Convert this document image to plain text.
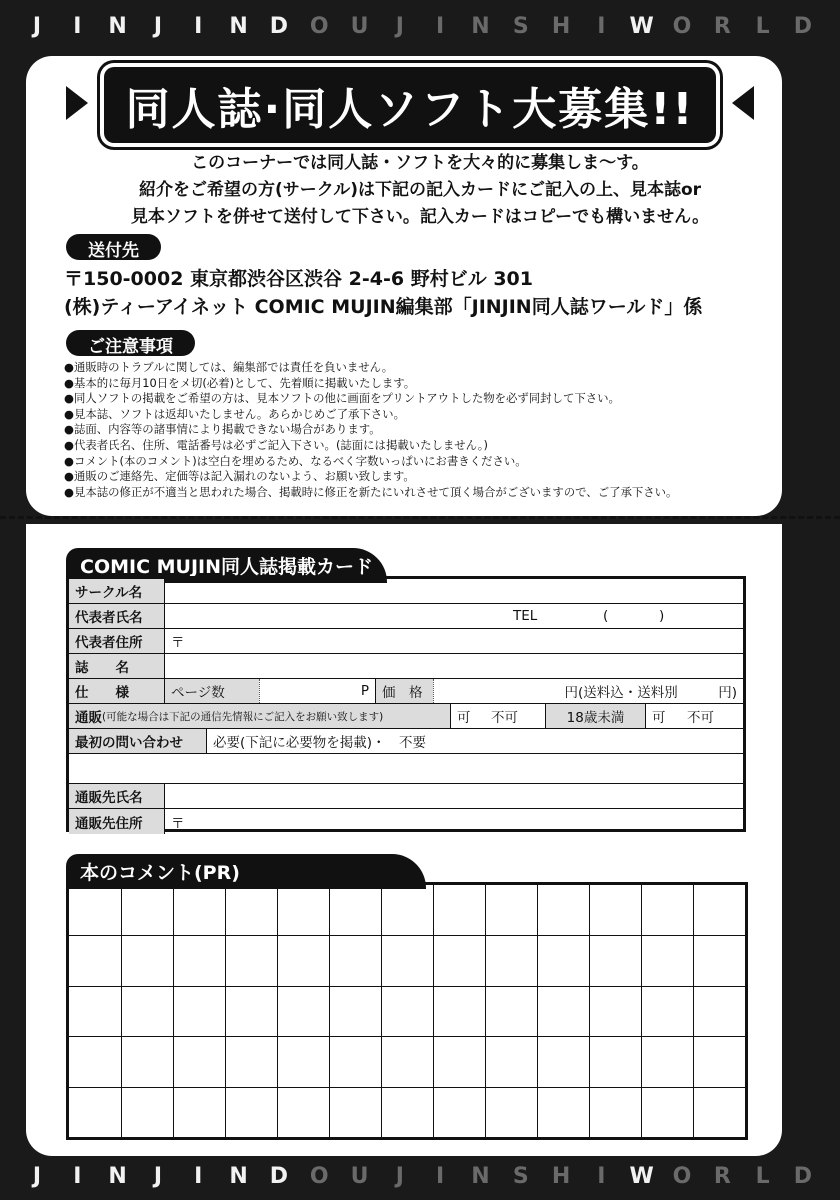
J	I	N	J	I	N D O U	J	I	N S H	I	W O R L D
同人誌·同人ソフト大募集!!
このコーナーでは同人誌・ソフトを大々的に募集しま〜す。
紹介をご希望の方(サークル)は下記の記入カードにご記入の上、見本誌or
見本ソフトを併せて送付して下さい。記入カードはコピーでも構いません。
送付先
〒150-0002 東京都渋谷区渋谷 2-4-6 野村ビル 301
(株)ティーアイネット COMIC MUJIN編集部「JINJIN同人誌ワールド」係
ご注意事項
● 通販時のトラブルに関しては、編集部では責任を負いません。
● 基本的に毎月10日をメ切(必着)として、先着順に掲載いたします。
● 同人ソフトの掲載をご希望の方は、見本ソフトの他に画面をプリントアウトした物を必ず同封して下さい。
● 見本誌、ソフトは返却いたしません。あらかじめご了承下さい。
● 誌面、内容等の諸事情により掲載できない場合があります。
● 代表者氏名、住所、電話番号は必ずご記入下さい。(誌面には掲載いたしません。)
● コメント(本のコメント)は空白を埋めるため、なるべく字数いっぱいにお書きください。
● 通販のご連絡先、定価等は記入漏れのないよう、お願い致します。
● 見本誌の修正が不適当と思われた場合、掲載時に修正を新たにいれさせて頂く場合がございますので、ご了承下さい。
COMIC MUJIN同人誌掲載カード
サークル名
代表者氏名	TEL	(	)
代表者住所	〒
誌　　名
仕　　様	ページ数	P 価　格	円(送料込・送料別　　　円)
通販 (可能な場合は下記の通信先情報にご記入をお願い致します)	可	不可	18歳未満	可	不可
最初の問い合わせ	必要(下記に必要物を掲載)・　不要
通販先氏名
通販先住所	〒
本のコメント(PR)
J	I	N	J	I	N D O U	J	I	N S H	I	W O R L D
